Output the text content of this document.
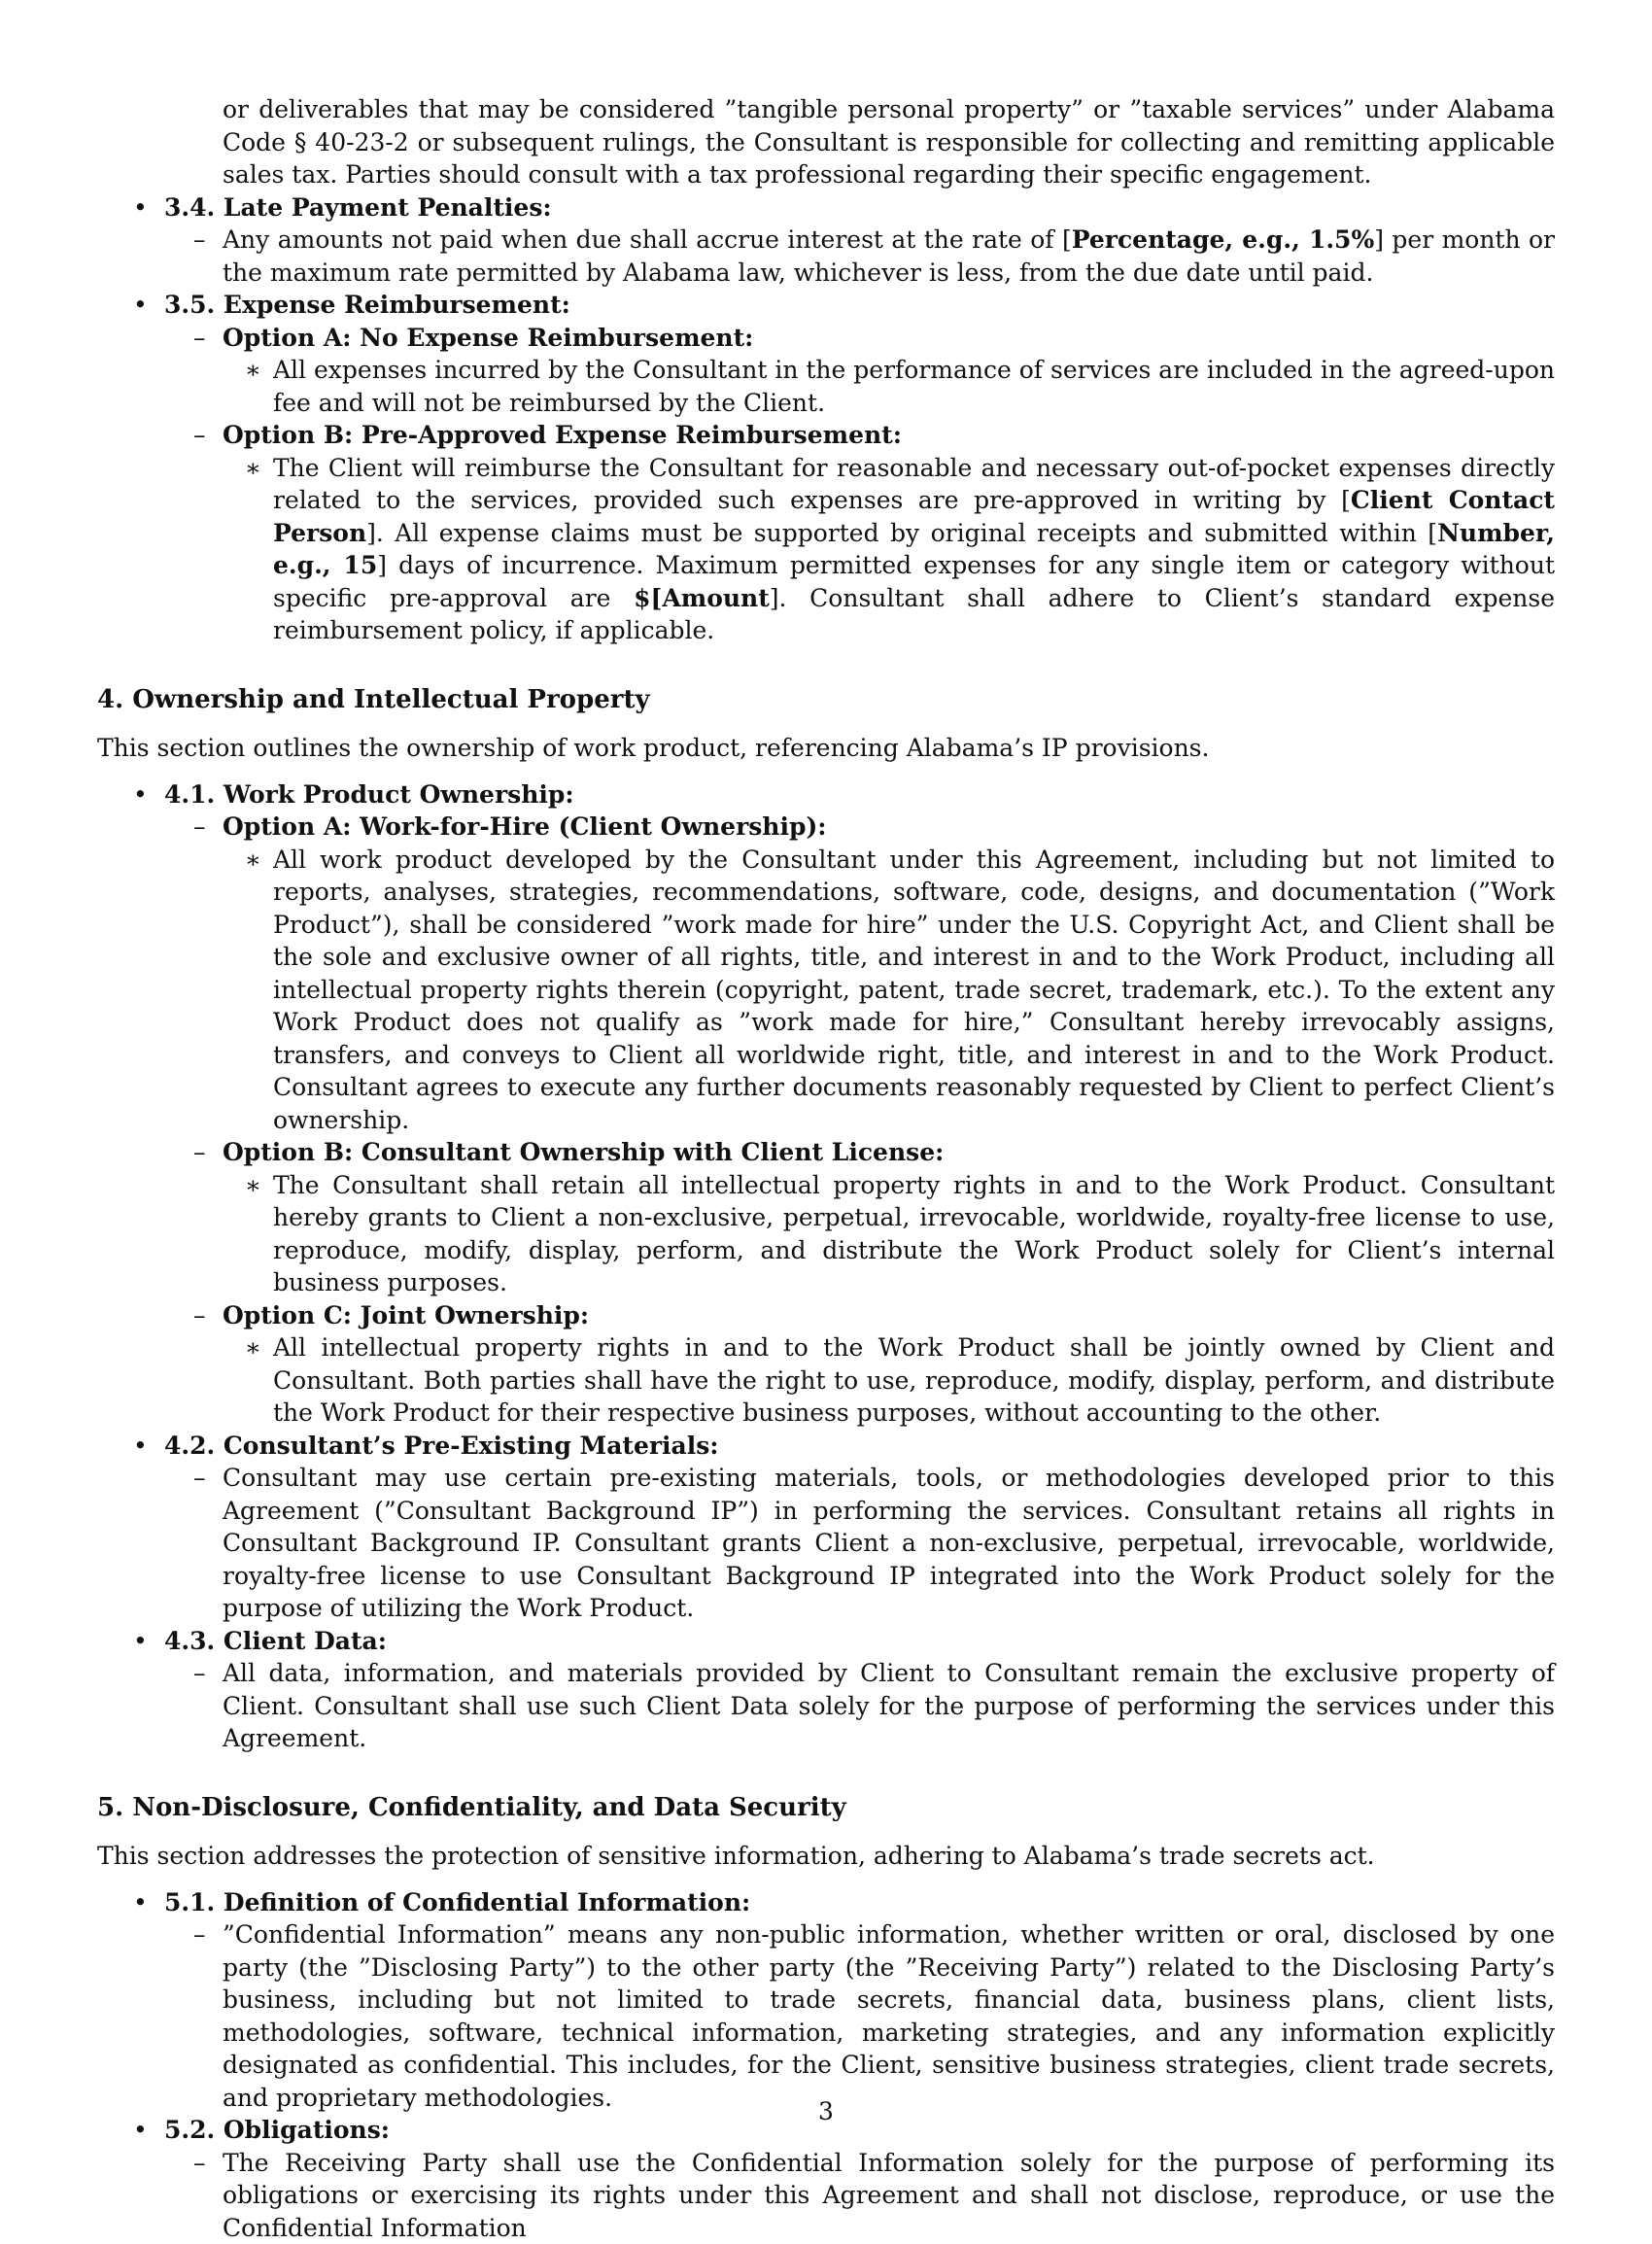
or deliverables that may be considered ”tangible personal property” or ”taxable services” under Alabama Code § 40-23-2 or subsequent rulings, the Consultant is responsible for collecting and remitting applicable sales tax. Parties should consult with a tax professional regarding their specific engagement.
• 3.4. Late Payment Penalties:
– Any amounts not paid when due shall accrue interest at the rate of [Percentage, e.g., 1.5%] per month or the maximum rate permitted by Alabama law, whichever is less, from the due date until paid.
• 3.5. Expense Reimbursement:
– Option A: No Expense Reimbursement:
∗ All expenses incurred by the Consultant in the performance of services are included in the agreed-upon fee and will not be reimbursed by the Client.
– Option B: Pre-Approved Expense Reimbursement:
∗ The Client will reimburse the Consultant for reasonable and necessary out-of-pocket expenses directly related to the services, provided such expenses are pre-approved in writing by [Client Contact Person]. All expense claims must be supported by original receipts and submitted within [Number, e.g., 15] days of incurrence. Maximum permitted expenses for any single item or category without specific pre-approval are $[Amount]. Consultant shall adhere to Client’s standard expense reimbursement policy, if applicable.
4. Ownership and Intellectual Property
This section outlines the ownership of work product, referencing Alabama’s IP provisions.
• 4.1. Work Product Ownership:
– Option A: Work-for-Hire (Client Ownership):
∗ All work product developed by the Consultant under this Agreement, including but not limited to reports, analyses, strategies, recommendations, software, code, designs, and documentation (”Work Product”), shall be considered ”work made for hire” under the U.S. Copyright Act, and Client shall be the sole and exclusive owner of all rights, title, and interest in and to the Work Product, including all intellectual property rights therein (copyright, patent, trade secret, trademark, etc.). To the extent any Work Product does not qualify as ”work made for hire,” Consultant hereby irrevocably assigns, transfers, and conveys to Client all worldwide right, title, and interest in and to the Work Product. Consultant agrees to execute any further documents reasonably requested by Client to perfect Client’s ownership.
– Option B: Consultant Ownership with Client License:
∗ The Consultant shall retain all intellectual property rights in and to the Work Product. Consultant hereby grants to Client a non-exclusive, perpetual, irrevocable, worldwide, royalty-free license to use, reproduce, modify, display, perform, and distribute the Work Product solely for Client’s internal business purposes.
– Option C: Joint Ownership:
∗ All intellectual property rights in and to the Work Product shall be jointly owned by Client and Consultant. Both parties shall have the right to use, reproduce, modify, display, perform, and distribute the Work Product for their respective business purposes, without accounting to the other.
• 4.2. Consultant’s Pre-Existing Materials:
– Consultant may use certain pre-existing materials, tools, or methodologies developed prior to this Agreement (”Consultant Background IP”) in performing the services. Consultant retains all rights in Consultant Background IP. Consultant grants Client a non-exclusive, perpetual, irrevocable, worldwide, royalty-free license to use Consultant Background IP integrated into the Work Product solely for the purpose of utilizing the Work Product.
• 4.3. Client Data:
– All data, information, and materials provided by Client to Consultant remain the exclusive property of Client. Consultant shall use such Client Data solely for the purpose of performing the services under this Agreement.
5. Non-Disclosure, Confidentiality, and Data Security
This section addresses the protection of sensitive information, adhering to Alabama’s trade secrets act.
• 5.1. Definition of Confidential Information:
– ”Confidential Information” means any non-public information, whether written or oral, disclosed by one party (the ”Disclosing Party”) to the other party (the ”Receiving Party”) related to the Disclosing Party’s business, including but not limited to trade secrets, financial data, business plans, client lists, methodologies, software, technical information, marketing strategies, and any information explicitly designated as confidential. This includes, for the Client, sensitive business strategies, client trade secrets, and proprietary methodologies.
• 5.2. Obligations:
– The Receiving Party shall use the Confidential Information solely for the purpose of performing its obligations or exercising its rights under this Agreement and shall not disclose, reproduce, or use the Confidential Information
3
